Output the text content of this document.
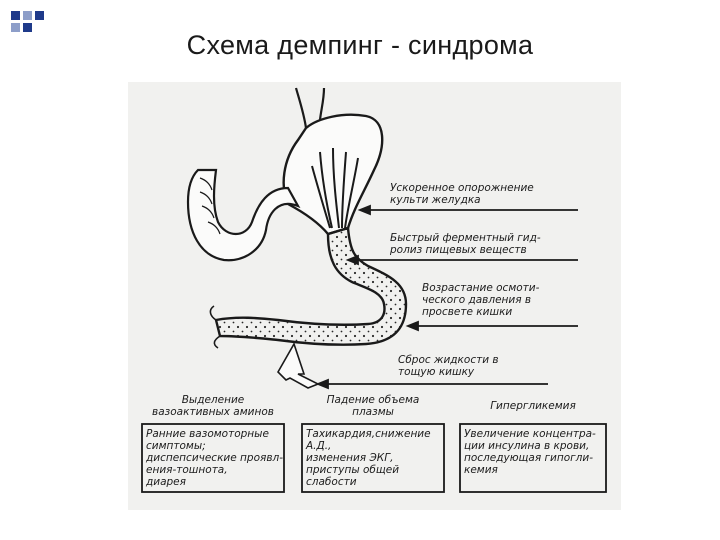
Схема демпинг - синдрома
Ускоренное опорожнение
культи желудка
Быстрый ферментный гид-
ролиз пищевых веществ
Возрастание осмоти-
ческого давления в
просвете кишки
Сброс жидкости в
тощую кишку
Выделение
вазоактивных аминов
Падение объема
плазмы	Гипергликемия
Ранние вазомоторные
симптомы;
диспепсические проявл-
ения-тошнота,
диарея
Тахикардия,снижение А.Д.,
изменения ЭКГ,
приступы общей
слабости
Увеличение концентра-
ции инсулина в крови,
последующая гипогли-
кемия
